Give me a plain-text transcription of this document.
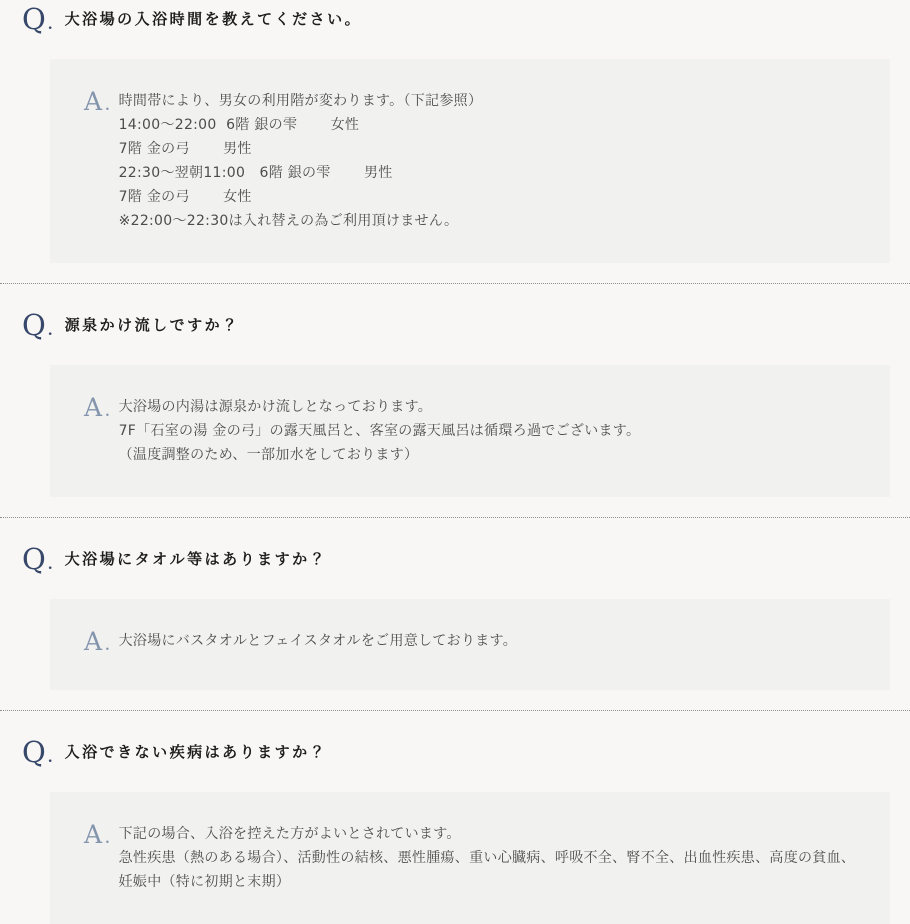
Q . 大浴場の入浴時間を教えてください。
A . 時間帯により、男女の利用階が変わります。（下記参照）
14:00～22:00  6階 銀の雫　　 女性
7階 金の弓　　 男性
22:30～翌朝11:00　6階 銀の雫　　 男性
7階 金の弓　　 女性
※22:00～22:30は入れ替えの為ご利用頂けません。
Q . 源泉かけ流しですか？
A . 大浴場の内湯は源泉かけ流しとなっております。
7F「石室の湯 金の弓」の露天風呂と、客室の露天風呂は循環ろ過でございます。
（温度調整のため、一部加水をしております）
Q . 大浴場にタオル等はありますか？
A . 大浴場にバスタオルとフェイスタオルをご用意しております。
Q . 入浴できない疾病はありますか？
A . 下記の場合、入浴を控えた方がよいとされています。
急性疾患（熱のある場合）、活動性の結核、悪性腫瘍、重い心臓病、呼吸不全、腎不全、出血性疾患、高度の貧血、
妊娠中（特に初期と末期）
